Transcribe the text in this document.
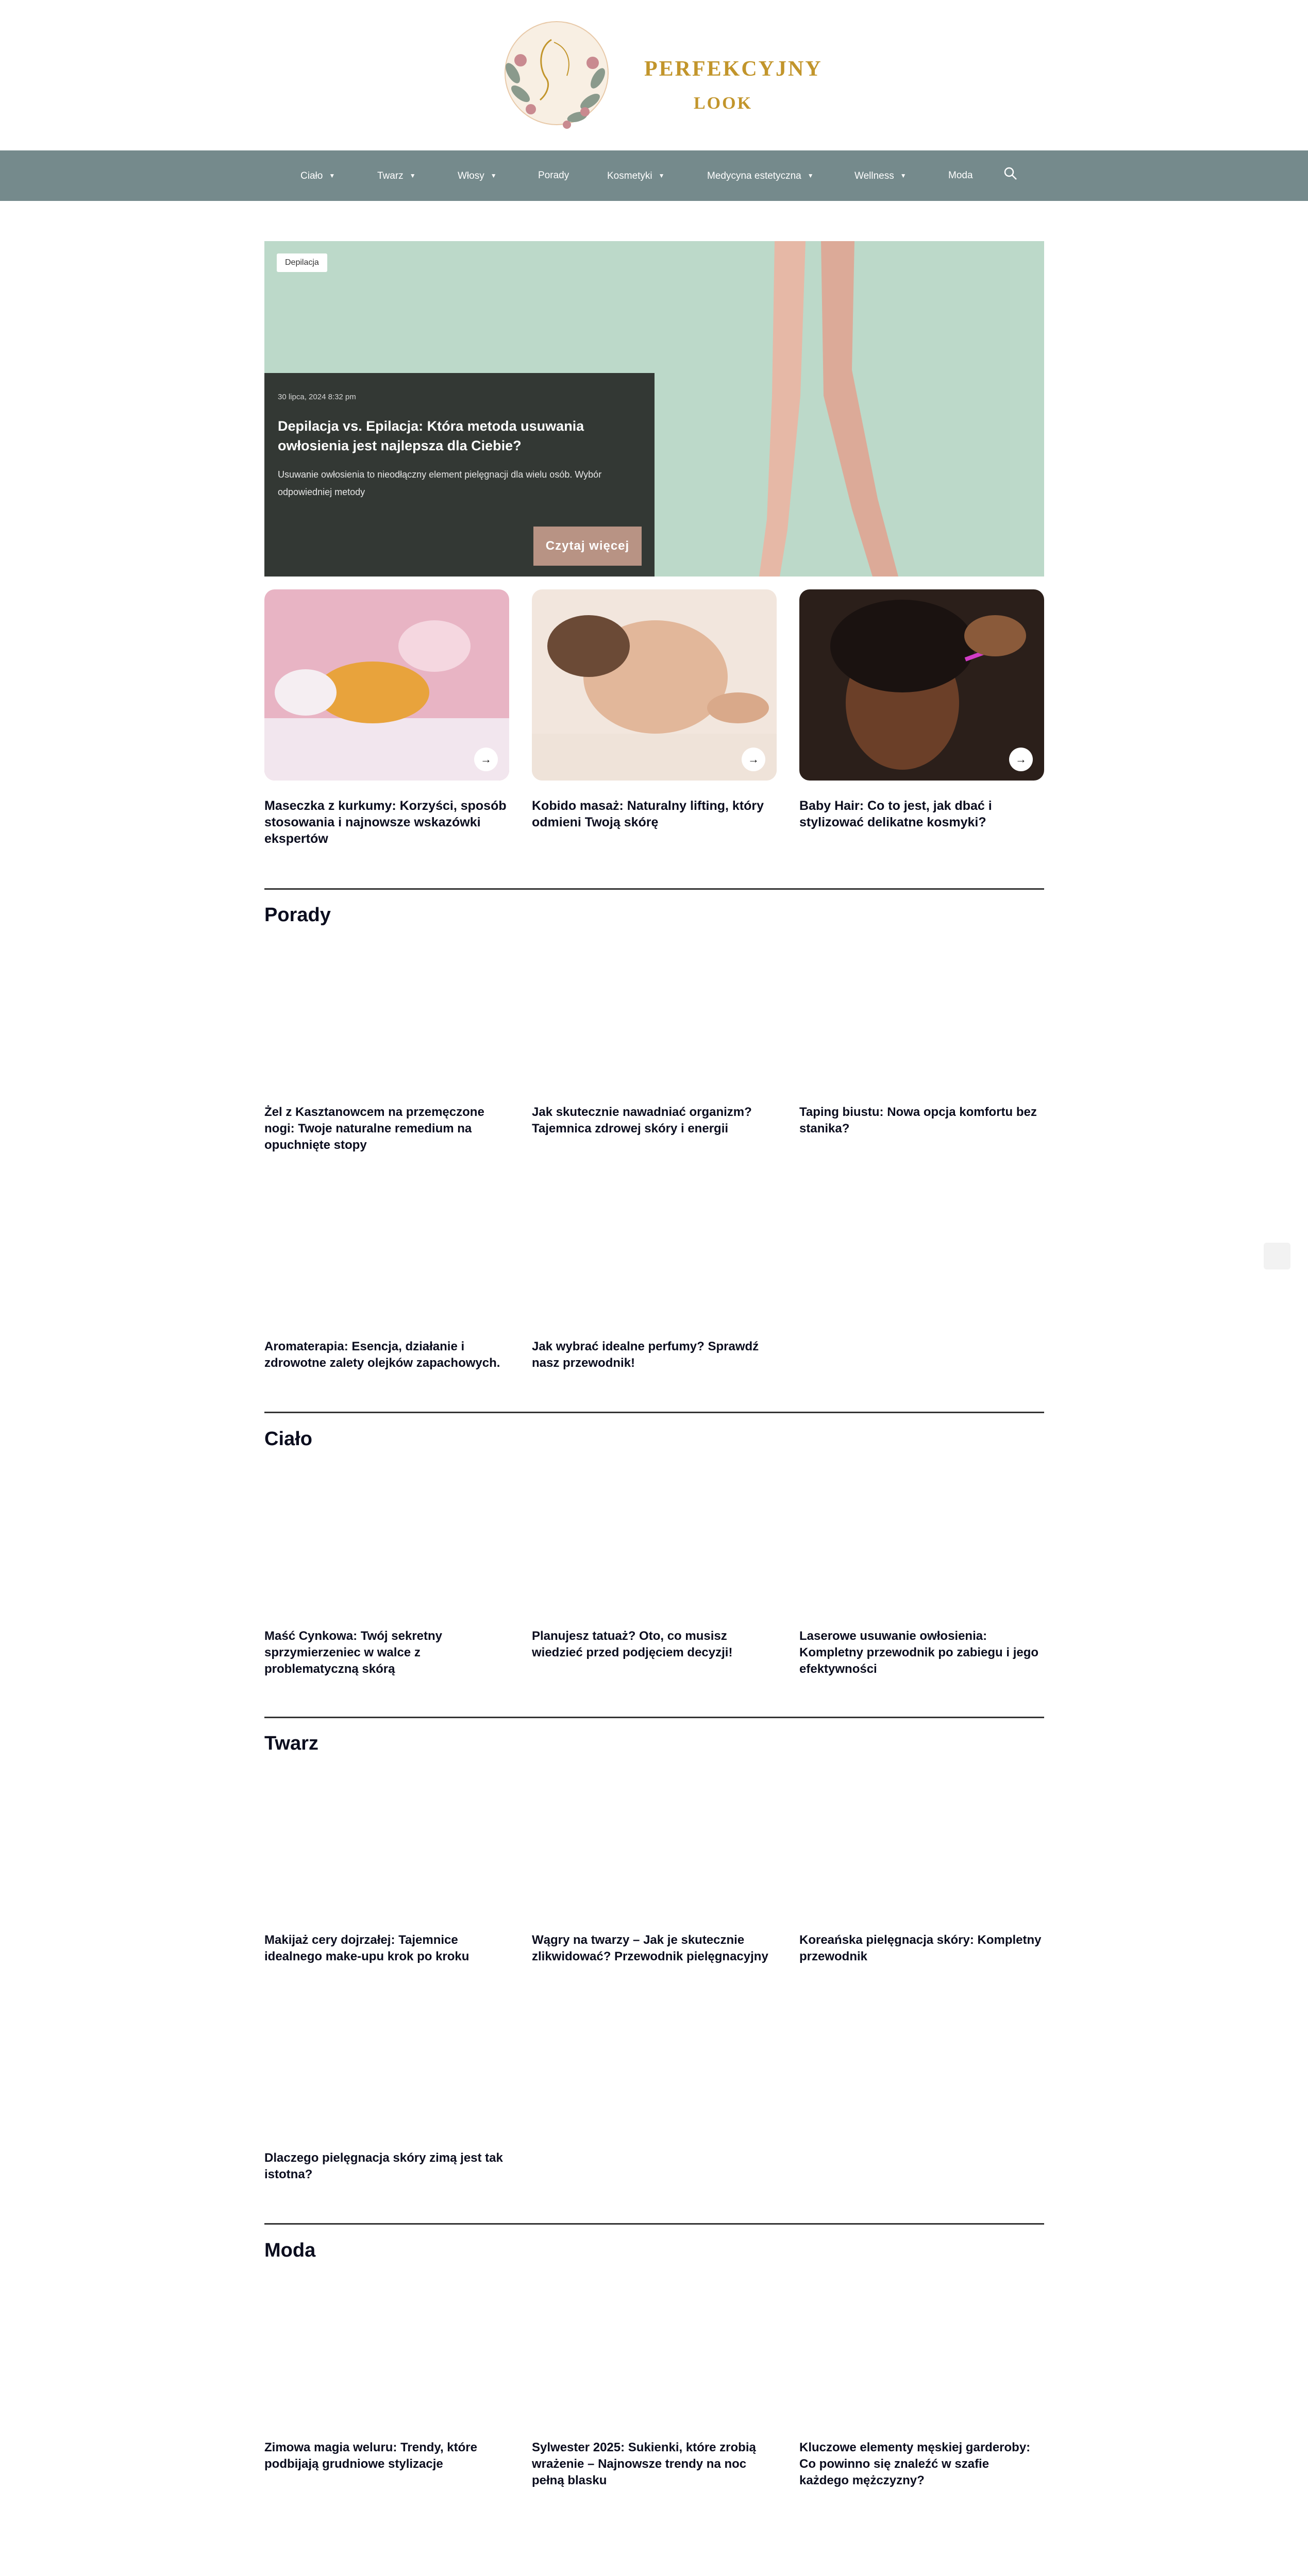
PERFEKCYJNY
LOOK
Ciało ▼	Twarz ▼	Włosy ▼	Porady	Kosmetyki ▼	Medycyna estetyczna ▼	Wellness ▼	Moda
Depilacja
30 lipca, 2024 8:32 pm
Depilacja vs. Epilacja: Która metoda usuwania owłosienia jest najlepsza dla Ciebie?
Usuwanie owłosienia to nieodłączny element pielęgnacji dla wielu osób. Wybór odpowiedniej metody
Czytaj więcej
→
Maseczka z kurkumy: Korzyści, sposób stosowania i najnowsze wskazówki ekspertów
→
Kobido masaż: Naturalny lifting, który odmieni Twoją skórę
→
Baby Hair: Co to jest, jak dbać i stylizować delikatne kosmyki?
Porady
Żel z Kasztanowcem na przemęczone nogi: Twoje naturalne remedium na opuchnięte stopy
Jak skutecznie nawadniać organizm? Tajemnica zdrowej skóry i energii
Taping biustu: Nowa opcja komfortu bez stanika?
Aromaterapia: Esencja, działanie i zdrowotne zalety olejków zapachowych.
Jak wybrać idealne perfumy? Sprawdź nasz przewodnik!
Ciało
Maść Cynkowa: Twój sekretny sprzymierzeniec w walce z problematyczną skórą
Planujesz tatuaż? Oto, co musisz wiedzieć przed podjęciem decyzji!
Laserowe usuwanie owłosienia: Kompletny przewodnik po zabiegu i jego efektywności
Twarz
Makijaż cery dojrzałej: Tajemnice idealnego make-upu krok po kroku
Wągry na twarzy – Jak je skutecznie zlikwidować? Przewodnik pielęgnacyjny
Koreańska pielęgnacja skóry: Kompletny przewodnik
Dlaczego pielęgnacja skóry zimą jest tak istotna?
Moda
Zimowa magia weluru: Trendy, które podbijają grudniowe stylizacje
Sylwester 2025: Sukienki, które zrobią wrażenie – Najnowsze trendy na noc pełną blasku
Kluczowe elementy męskiej garderoby: Co powinno się znaleźć w szafie każdego mężczyzny?
